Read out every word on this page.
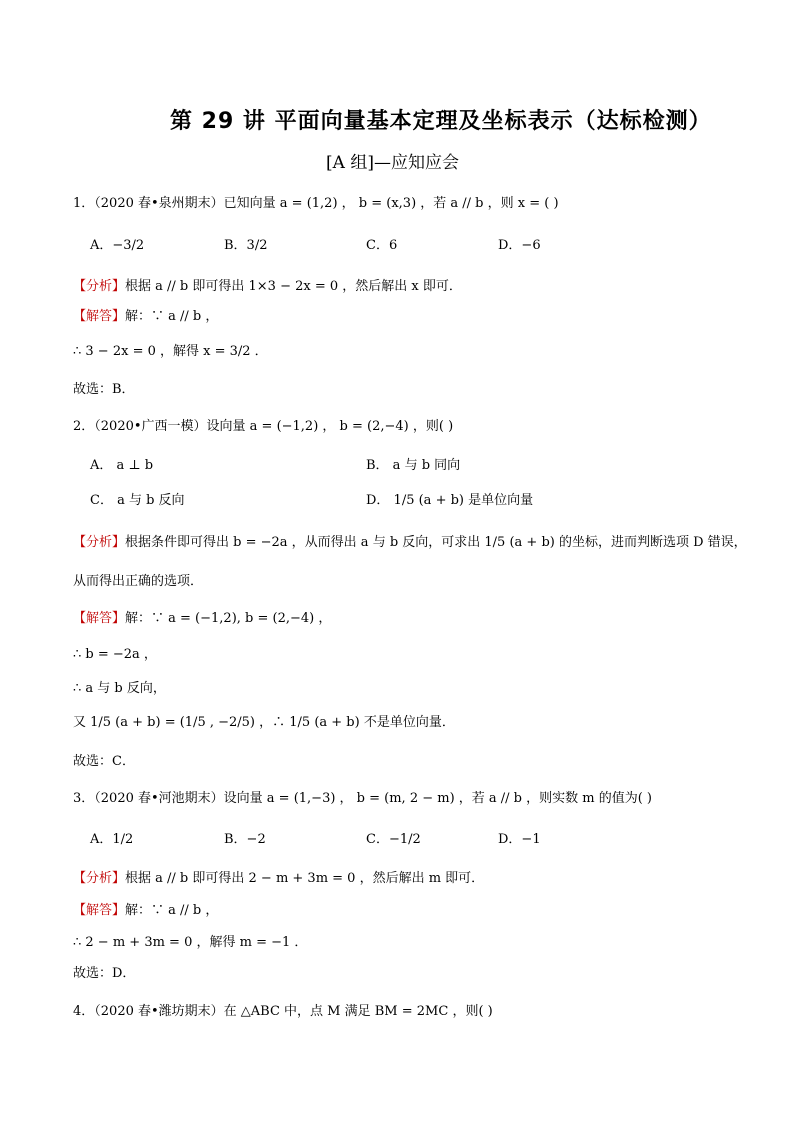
第 29 讲 平面向量基本定理及坐标表示（达标检测）
[A 组]—应知应会
1．（2020 春•泉州期末）已知向量 a = (1,2) ， b = (x,3) ，若 a // b ，则 x = ( )
A．−3/2	B．3/2	C．6	D．−6
【分析】根据 a // b 即可得出 1×3 − 2x = 0 ，然后解出 x 即可．
【解答】解：∵ a // b ，
∴ 3 − 2x = 0 ，解得 x = 3/2 ．
故选：B．
2．（2020•广西一模）设向量 a = (−1,2) ， b = (2,−4) ，则( )
A． a ⊥ b	B． a 与 b 同向
C． a 与 b 反向	D． 1/5 (a + b) 是单位向量
【分析】根据条件即可得出 b = −2a ，从而得出 a 与 b 反向，可求出 1/5 (a + b) 的坐标，进而判断选项 D 错误，
从而得出正确的选项．
【解答】解：∵ a = (−1,2), b = (2,−4) ，
∴ b = −2a ，
∴ a 与 b 反向，
又 1/5 (a + b) = (1/5 , −2/5) ，∴ 1/5 (a + b) 不是单位向量．
故选：C．
3．（2020 春•河池期末）设向量 a = (1,−3) ， b = (m, 2 − m) ，若 a // b ，则实数 m 的值为( )
A．1/2	B．−2	C．−1/2	D．−1
【分析】根据 a // b 即可得出 2 − m + 3m = 0 ，然后解出 m 即可．
【解答】解：∵ a // b ，
∴ 2 − m + 3m = 0 ，解得 m = −1 ．
故选：D．
4．（2020 春•潍坊期末）在 △ABC 中，点 M 满足 BM = 2MC ，则( )
